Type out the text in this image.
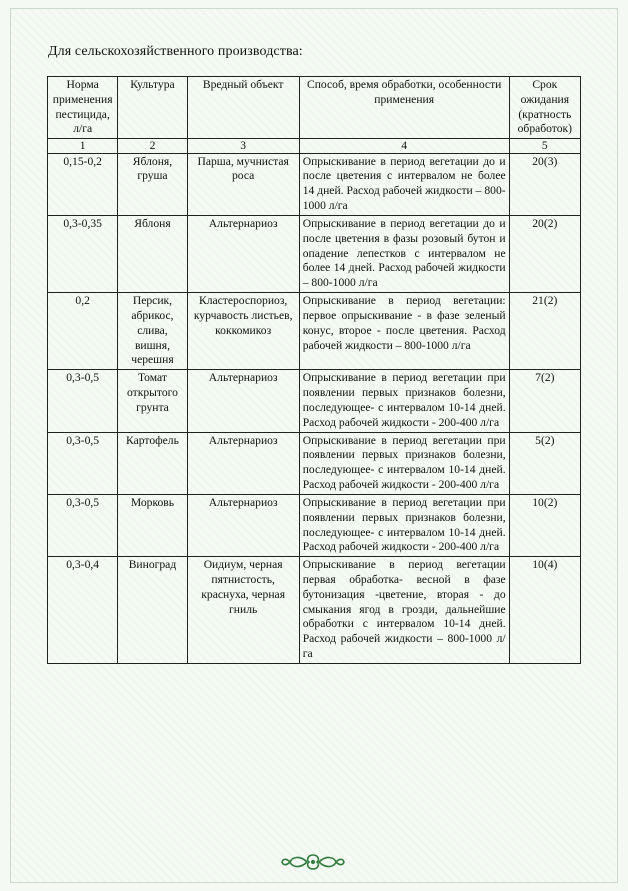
Для сельскохозяйственного производства:
Норма применения пестицида, л/га	Культура	Вредный объект	Способ, время обработки, особенности применения	Срок ожидания (кратность обработок)
1	2	3	4	5
0,15-0,2	Яблоня, груша	Парша, мучнистая роса	Опрыскивание в период вегетации до и после цветения с интервалом не более 14 дней. Расход рабочей жидкости – 800-1000 л/га	20(3)
0,3-0,35	Яблоня	Альтернариоз	Опрыскивание в период вегетации до и после цветения в фазы розовый бутон и опадение лепестков с интервалом не более 14 дней. Расход рабочей жидкости – 800-1000 л/га	20(2)
0,2	Персик, абрикос, слива, вишня, черешня	Кластероспориоз, курчавость листьев, коккомикоз	Опрыскивание в период вегетации: первое опрыскивание - в фазе зеленый конус, второе - после цветения. Расход рабочей жидкости – 800-1000 л/га	21(2)
0,3-0,5	Томат открытого грунта	Альтернариоз	Опрыскивание в период вегетации при появлении первых признаков болезни, последующее- с интервалом 10-14 дней. Расход рабочей жидкости - 200-400 л/га	7(2)
0,3-0,5	Картофель	Альтернариоз	Опрыскивание в период вегетации при появлении первых признаков болезни, последующее- с интервалом 10-14 дней. Расход рабочей жидкости - 200-400 л/га	5(2)
0,3-0,5	Морковь	Альтернариоз	Опрыскивание в период вегетации при появлении первых признаков болезни, последующее- с интервалом 10-14 дней. Расход рабочей жидкости - 200-400 л/га	10(2)
0,3-0,4	Виноград	Оидиум, черная пятнистость, краснуха, черная гниль	Опрыскивание в период вегетации первая обработка- весной в фазе бутонизация -цветение, вторая - до смыкания ягод в грозди, дальнейшие обработки с интервалом 10-14 дней. Расход рабочей жидкости – 800-1000 л/га	10(4)
